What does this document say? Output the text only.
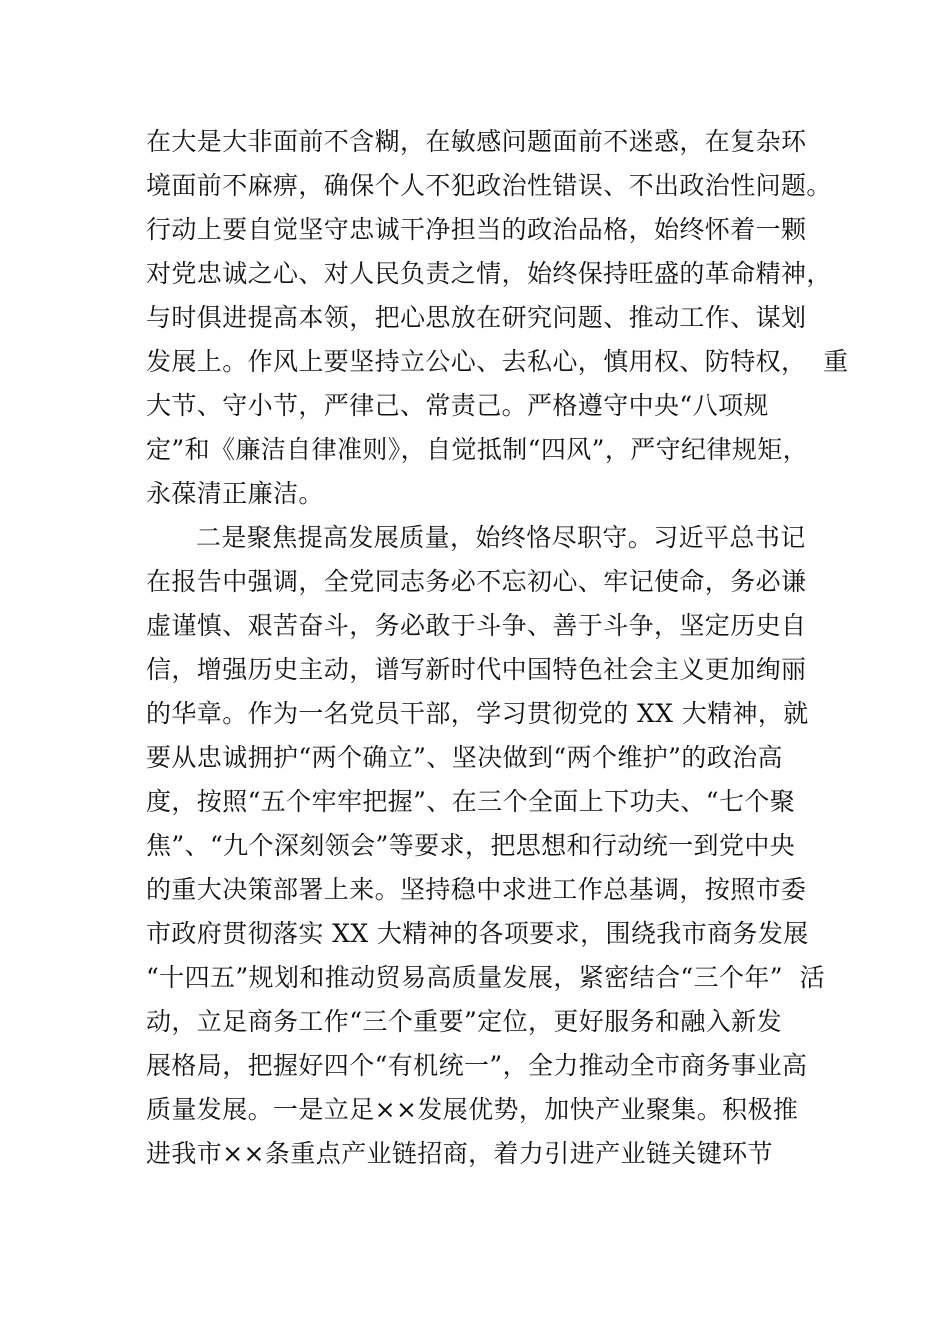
在大是大非面前不含糊，在敏感问题面前不迷惑，在复杂环
境面前不麻痹，确保个人不犯政治性错误、不出政治性问题。
行动上要自觉坚守忠诚干净担当的政治品格，始终怀着一颗
对党忠诚之心、对人民负责之情，始终保持旺盛的革命精神，
与时俱进提高本领，把心思放在研究问题、推动工作、谋划
发展上。作风上要坚持立公心、去私心，慎用权、防特权，  重
大节、守小节，严律己、常责己。严格遵守中央“八项规
定”和《廉洁自律准则》，自觉抵制“四风”，严守纪律规矩，
永葆清正廉洁。
二是聚焦提高发展质量，始终恪尽职守。习近平总书记
在报告中强调，全党同志务必不忘初心、牢记使命，务必谦
虚谨慎、艰苦奋斗，务必敢于斗争、善于斗争，坚定历史自
信，增强历史主动，谱写新时代中国特色社会主义更加绚丽
的华章。作为一名党员干部，学习贯彻党的 XX 大精神，就
要从忠诚拥护“两个确立”、坚决做到“两个维护”的政治高
度，按照“五个牢牢把握”、在三个全面上下功夫、“七个聚
焦”、“九个深刻领会”等要求，把思想和行动统一到党中央
的重大决策部署上来。坚持稳中求进工作总基调，按照市委
市政府贯彻落实 XX 大精神的各项要求，围绕我市商务发展
“十四五”规划和推动贸易高质量发展，紧密结合“三个年”  活
动，立足商务工作“三个重要”定位，更好服务和融入新发
展格局，把握好四个“有机统一”，全力推动全市商务事业高
质量发展。一是立足××发展优势，加快产业聚集。积极推
进我市××条重点产业链招商，着力引进产业链关键环节
